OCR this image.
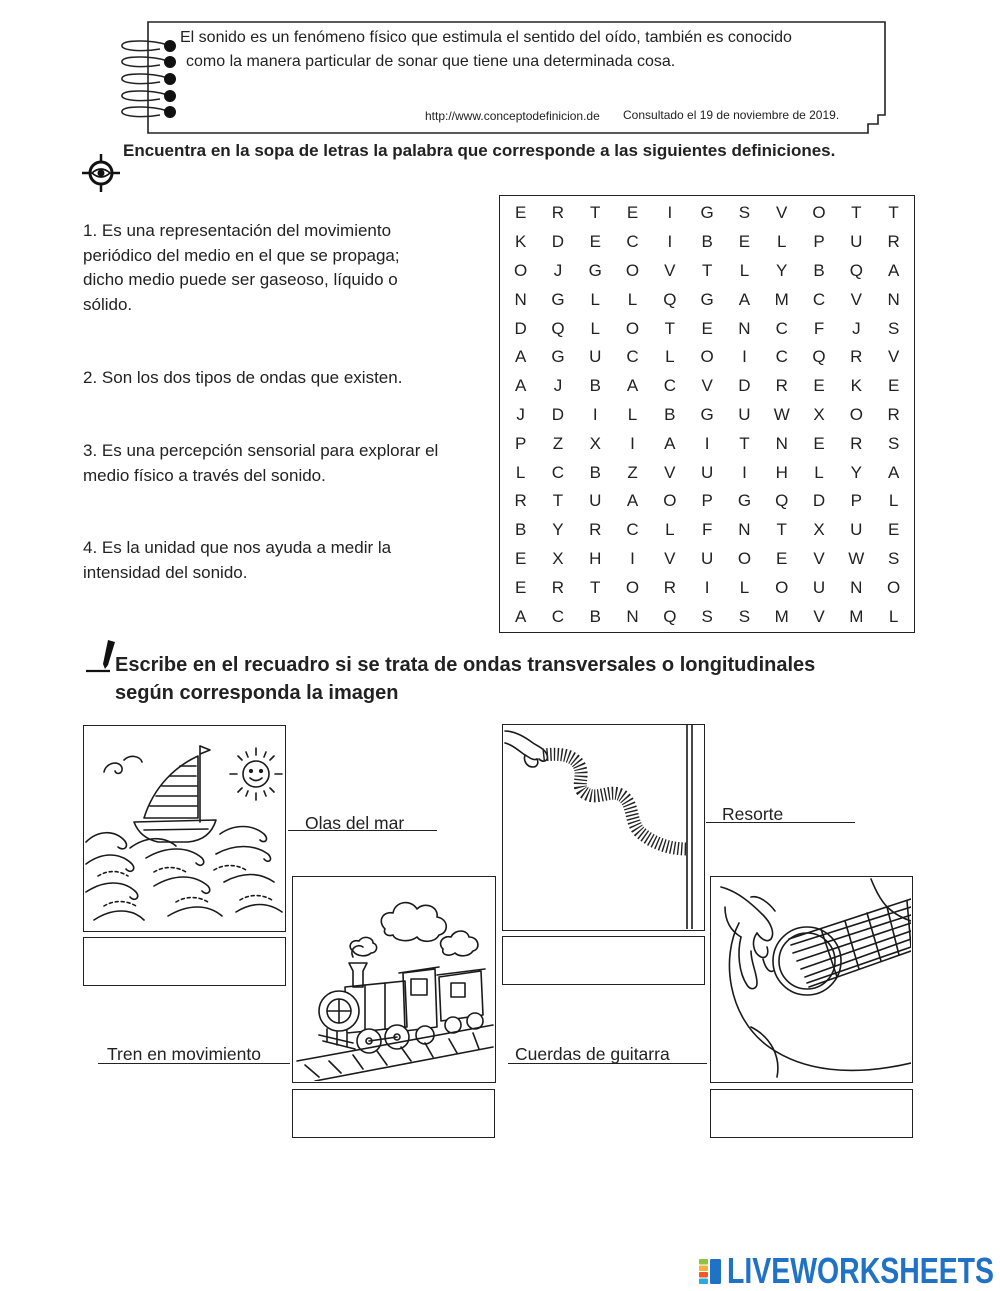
El sonido es un fenómeno físico que estimula el sentido del oído, también es conocido
como la manera particular de sonar que tiene una determinada cosa.
http://www.conceptodefinicion.de Consultado el 19 de noviembre de 2019.
Encuentra en la sopa de letras la palabra que corresponde a las siguientes definiciones.
1. Es una representación del movimiento
periódico del medio en el que se propaga;
dicho medio puede ser gaseoso, líquido o
sólido.
2. Son los dos tipos de ondas que existen.
3. Es una percepción sensorial para explorar el
medio físico a través del sonido.
4. Es la unidad que nos ayuda a medir la
intensidad del sonido.
E	R	T	E	I	G	S	V	O	T	T
K	D	E	C	I	B	E	L	P	U	R
O	J	G	O	V	T	L	Y	B	Q	A
N	G	L	L	Q	G	A	M	C	V	N
D	Q	L	O	T	E	N	C	F	J	S
A	G	U	C	L	O	I	C	Q	R	V
A	J	B	A	C	V	D	R	E	K	E
J	D	I	L	B	G	U	W	X	O	R
P	Z	X	I	A	I	T	N	E	R	S
L	C	B	Z	V	U	I	H	L	Y	A
R	T	U	A	O	P	G	Q	D	P	L
B	Y	R	C	L	F	N	T	X	U	E
E	X	H	I	V	U	O	E	V	W	S
E	R	T	O	R	I	L	O	U	N	O
A	C	B	N	Q	S	S	M	V	M	L
Escribe en el recuadro si se trata de ondas transversales o longitudinales
según corresponda la imagen
Olas del mar
Tren en movimiento
Resorte
Cuerdas de guitarra
LIVEWORKSHEETS
